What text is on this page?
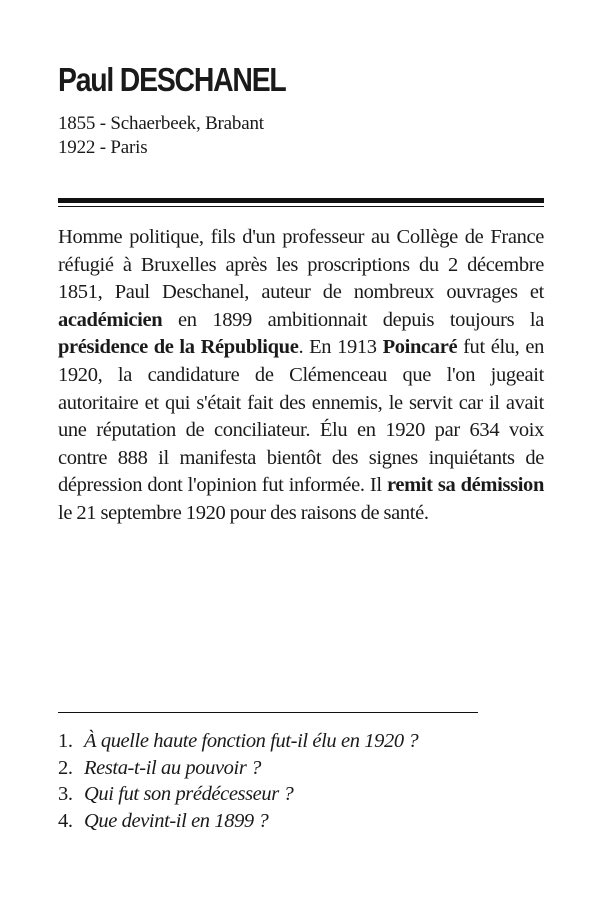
Paul DESCHANEL
1855 - Schaerbeek, Brabant
1922 - Paris

Homme politique, fils d'un professeur au Collège de France réfugié à Bruxelles après les proscriptions du 2 décembre 1851, Paul Deschanel, auteur de nombreux ouvrages et académicien en 1899 ambitionnait depuis toujours la présidence de la République. En 1913 Poincaré fut élu, en 1920, la candidature de Clémenceau que l'on jugeait autoritaire et qui s'était fait des ennemis, le servit car il avait une réputation de conciliateur. Élu en 1920 par 634 voix contre 888 il manifesta bientôt des signes inquiétants de dépression dont l'opinion fut informée. Il remit sa démission le 21 septembre 1920 pour des raisons de santé.

1. À quelle haute fonction fut-il élu en 1920 ?
2. Resta-t-il au pouvoir ?
3. Qui fut son prédécesseur ?
4. Que devint-il en 1899 ?
